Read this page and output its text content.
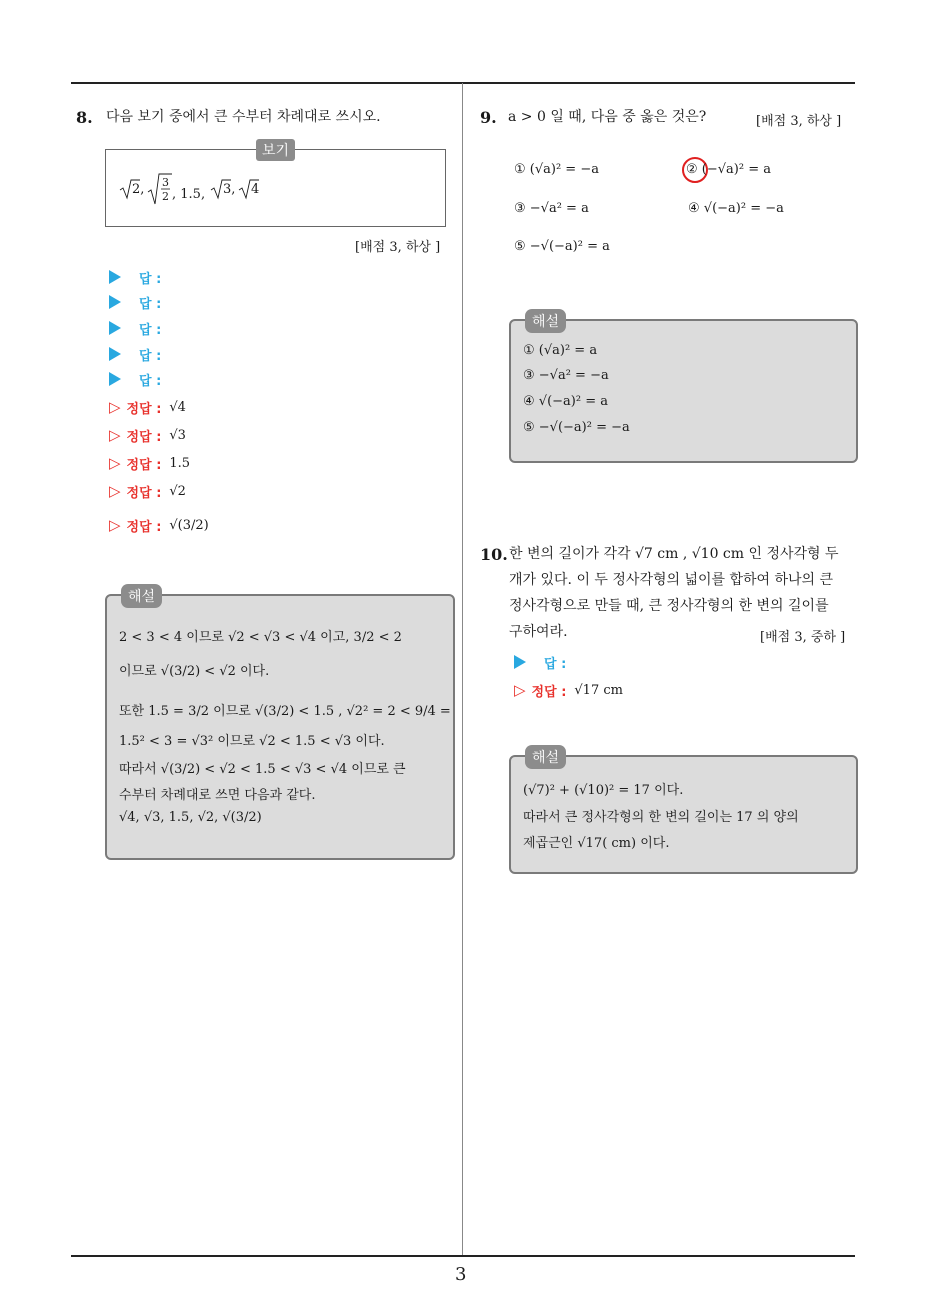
3
8. 다음 보기 중에서 큰 수부터 차례대로 쓰시오.
보기
2, 3
2 , 1.5, 3, 4
[배점 3, 하상 ]
답 :
답 :
답 :
답 :
답 :
▷ 정답 : √4
▷ 정답 : √3
▷ 정답 : 1.5
▷ 정답 : √2
▷ 정답 : √(3/2)
해설
2 < 3 < 4 이므로 √2 < √3 < √4 이고, 3/2 < 2
이므로 √(3/2) < √2 이다.
또한 1.5 = 3/2 이므로 √(3/2) < 1.5 , √2² = 2 < 9/4 =
1.5² < 3 = √3² 이므로 √2 < 1.5 < √3 이다.
따라서 √(3/2) < √2 < 1.5 < √3 < √4 이므로 큰
수부터 차례대로 쓰면 다음과 같다.
√4, √3, 1.5, √2, √(3/2)
9. a > 0 일 때, 다음 중 옳은 것은?	[배점 3, 하상 ]
① (√a)² = −a	② (−√a)² = a
③ −√a² = a	④ √(−a)² = −a
⑤ −√(−a)² = a
해설
① (√a)² = a
③ −√a² = −a
④ √(−a)² = a
⑤ −√(−a)² = −a
10. 한 변의 길이가 각각 √7 cm , √10 cm 인 정사각형 두
개가 있다. 이 두 정사각형의 넓이를 합하여 하나의 큰
정사각형으로 만들 때, 큰 정사각형의 한 변의 길이를
구하여라.	[배점 3, 중하 ]
답 :
▷ 정답 : √17 cm
해설
(√7)² + (√10)² = 17 이다.
따라서 큰 정사각형의 한 변의 길이는 17 의 양의
제곱근인 √17( cm) 이다.
